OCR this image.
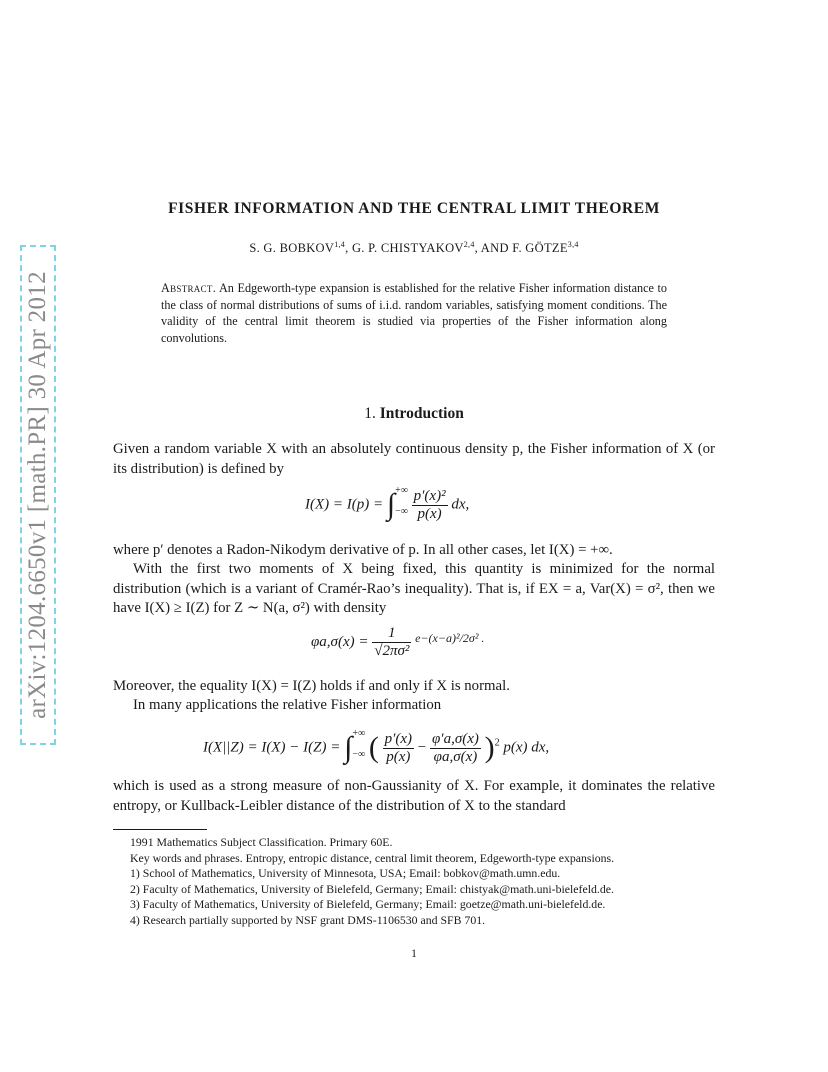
arXiv:1204.6650v1 [math.PR] 30 Apr 2012
FISHER INFORMATION AND THE CENTRAL LIMIT THEOREM
S. G. BOBKOV$^{1,4}$, G. P. CHISTYAKOV$^{2,4}$, AND F. GÖTZE$^{3,4}$
Abstract. An Edgeworth-type expansion is established for the relative Fisher information distance to the class of normal distributions of sums of i.i.d. random variables, satisfying moment conditions. The validity of the central limit theorem is studied via properties of the Fisher information along convolutions.
1. Introduction
Given a random variable X with an absolutely continuous density p, the Fisher information of X (or its distribution) is defined by
I(X) = I(p) = ∫ +∞
−∞
$\frac{\text{p′(x)²}}{p(x)}$ dx,
where p′ denotes a Radon-Nikodym derivative of p. In all other cases, let I(X) = +∞.
With the first two moments of X being fixed, this quantity is minimized for the normal distribution (which is a variant of Cramér-Rao’s inequality). That is, if EX = a, Var(X) = σ², then we have I(X) ≥ I(Z) for Z ∼ N(a, σ²) with density
$\varphi a,\sigma(x) = \frac{1}{\text{√2πσ²}} ^{e-(x-a)^2/2\sigma^2 .}$
Moreover, the equality I(X) = I(Z) holds if and only if X is normal.
In many applications the relative Fisher information
I(X||Z) = I(X) − I(Z) = ∫ +∞
−∞ ( $\frac{p'(x)}{p(x)} - \frac{\varphi'a,\sigma(x)}{\varphi a,\sigma(x)} )^2$ p(x) dx,
which is used as a strong measure of non-Gaussianity of X. For example, it dominates the relative entropy, or Kullback-Leibler distance of the distribution of X to the standard
1991 Mathematics Subject Classification. Primary 60E.
Key words and phrases. Entropy, entropic distance, central limit theorem, Edgeworth-type expansions.
1) School of Mathematics, University of Minnesota, USA; Email: bobkov@math.umn.edu.
2) Faculty of Mathematics, University of Bielefeld, Germany; Email: chistyak@math.uni-bielefeld.de.
3) Faculty of Mathematics, University of Bielefeld, Germany; Email: goetze@math.uni-bielefeld.de.
4) Research partially supported by NSF grant DMS-1106530 and SFB 701.
1
